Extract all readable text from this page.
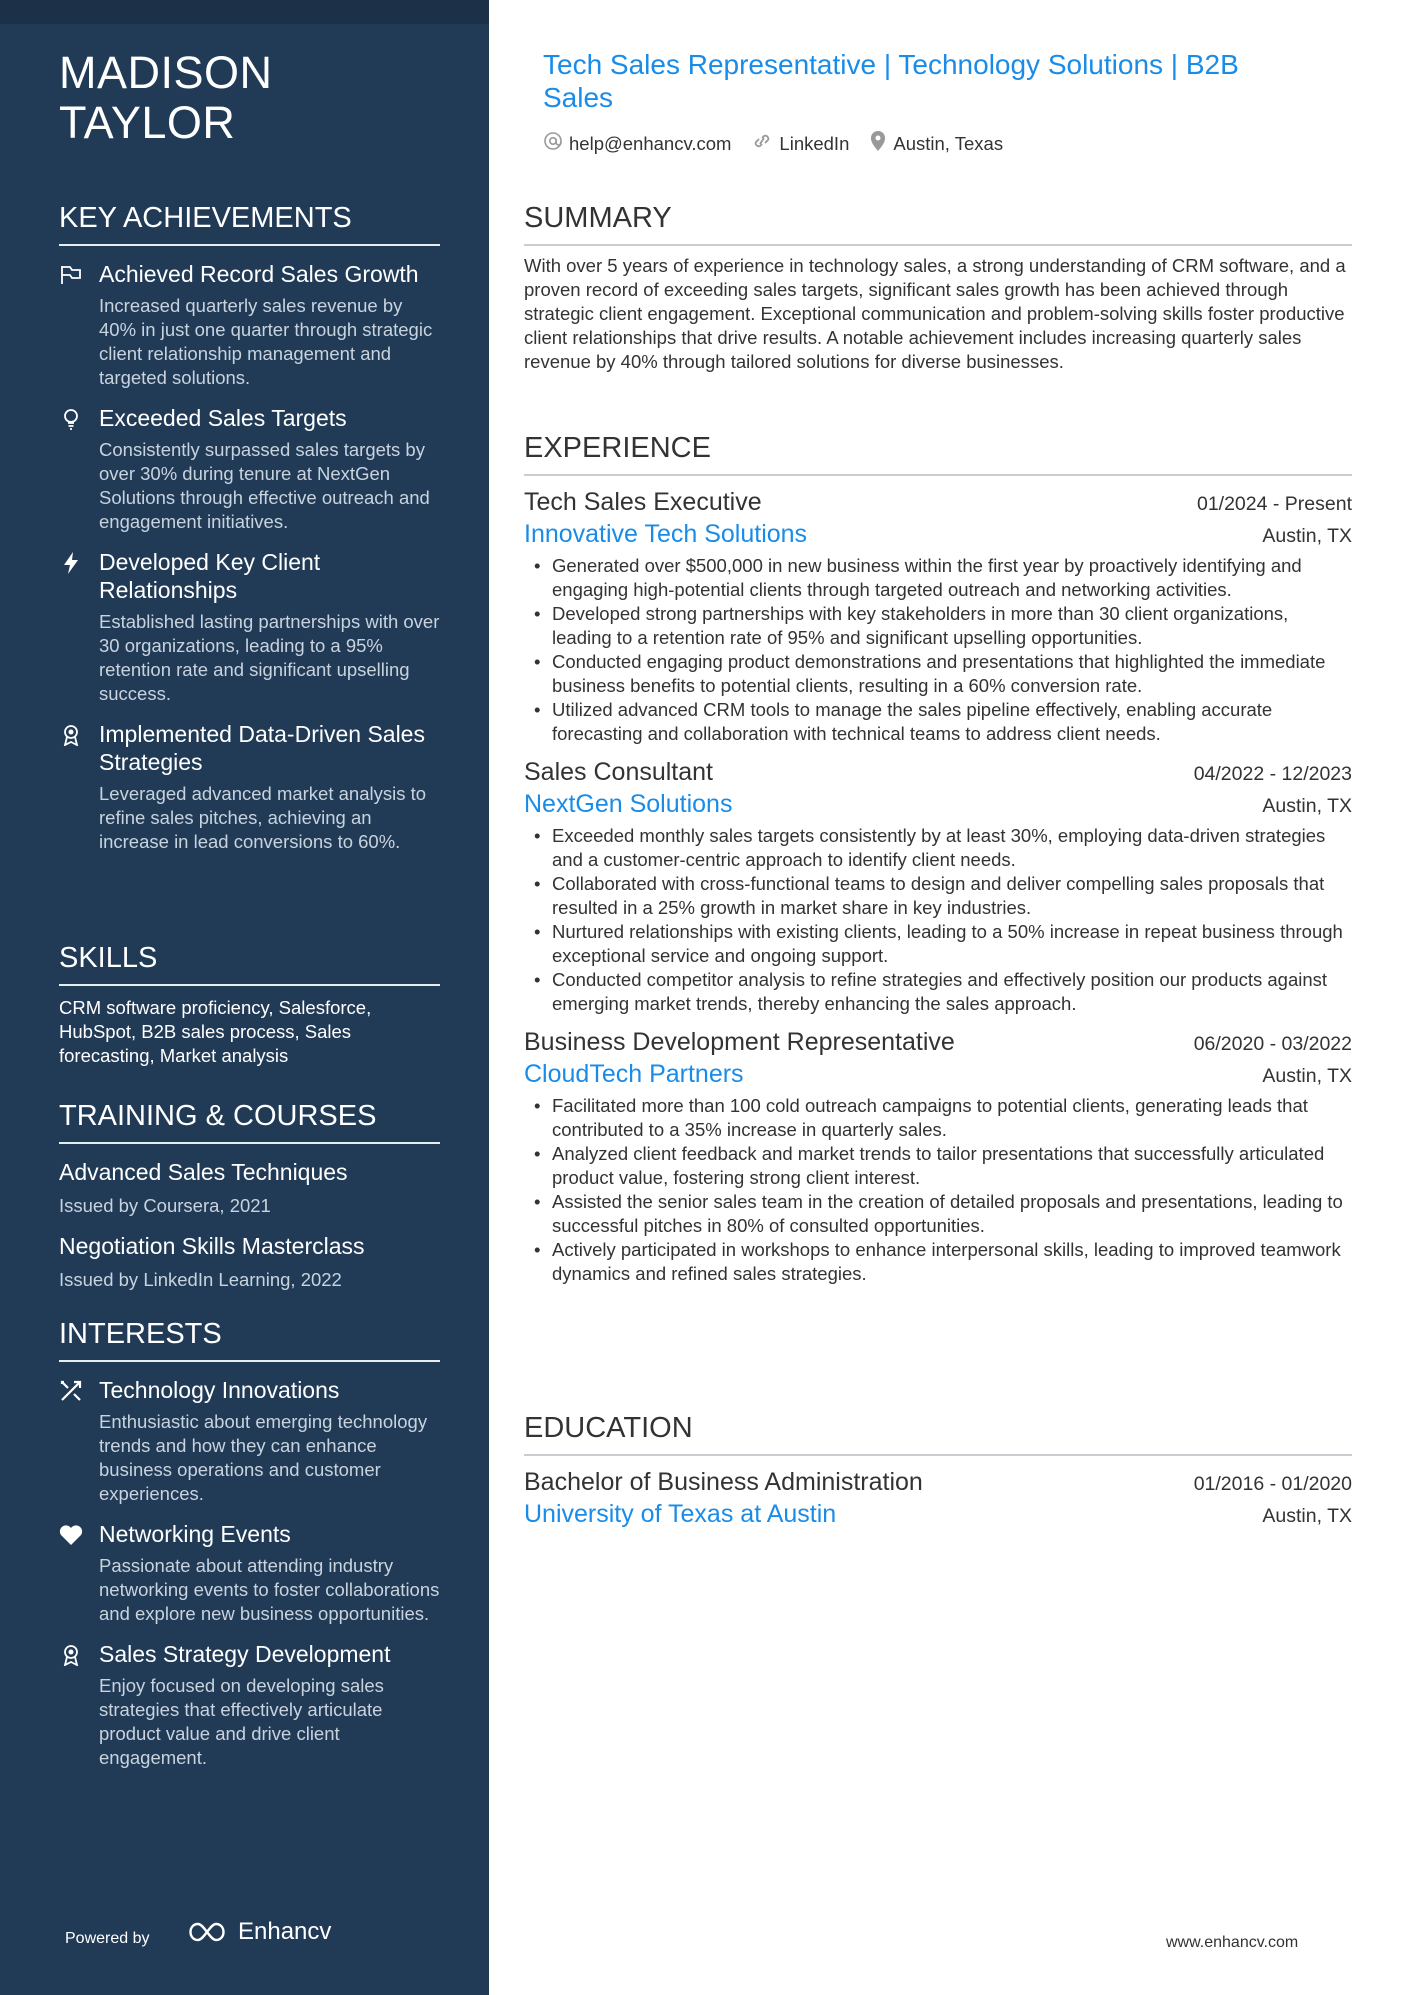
MADISON TAYLOR
KEY ACHIEVEMENTS
Achieved Record Sales Growth
Increased quarterly sales revenue by 40% in just one quarter through strategic client relationship management and targeted solutions.
Exceeded Sales Targets
Consistently surpassed sales targets by over 30% during tenure at NextGen Solutions through effective outreach and engagement initiatives.
Developed Key Client Relationships
Established lasting partnerships with over 30 organizations, leading to a 95% retention rate and significant upselling success.
Implemented Data-Driven Sales Strategies
Leveraged advanced market analysis to refine sales pitches, achieving an increase in lead conversions to 60%.
SKILLS
CRM software proficiency, Salesforce, HubSpot, B2B sales process, Sales forecasting, Market analysis
TRAINING & COURSES
Advanced Sales Techniques
Issued by Coursera, 2021
Negotiation Skills Masterclass
Issued by LinkedIn Learning, 2022
INTERESTS
Technology Innovations
Enthusiastic about emerging technology trends and how they can enhance business operations and customer experiences.
Networking Events
Passionate about attending industry networking events to foster collaborations and explore new business opportunities.
Sales Strategy Development
Enjoy focused on developing sales strategies that effectively articulate product value and drive client engagement.
Powered by	Enhancv
Tech Sales Representative | Technology Solutions | B2B Sales
help@enhancv.com	LinkedIn Austin, Texas
SUMMARY
With over 5 years of experience in technology sales, a strong understanding of CRM software, and a proven record of exceeding sales targets, significant sales growth has been achieved through strategic client engagement. Exceptional communication and problem-solving skills foster productive client relationships that drive results. A notable achievement includes increasing quarterly sales revenue by 40% through tailored solutions for diverse businesses.
EXPERIENCE
Tech Sales Executive	01/2024 - Present
Innovative Tech Solutions	Austin, TX
• Generated over $500,000 in new business within the first year by proactively identifying and engaging high-potential clients through targeted outreach and networking activities.
• Developed strong partnerships with key stakeholders in more than 30 client organizations, leading to a retention rate of 95% and significant upselling opportunities.
• Conducted engaging product demonstrations and presentations that highlighted the immediate business benefits to potential clients, resulting in a 60% conversion rate.
• Utilized advanced CRM tools to manage the sales pipeline effectively, enabling accurate forecasting and collaboration with technical teams to address client needs.
Sales Consultant	04/2022 - 12/2023
NextGen Solutions	Austin, TX
• Exceeded monthly sales targets consistently by at least 30%, employing data-driven strategies and a customer-centric approach to identify client needs.
• Collaborated with cross-functional teams to design and deliver compelling sales proposals that resulted in a 25% growth in market share in key industries.
• Nurtured relationships with existing clients, leading to a 50% increase in repeat business through exceptional service and ongoing support.
• Conducted competitor analysis to refine strategies and effectively position our products against emerging market trends, thereby enhancing the sales approach.
Business Development Representative	06/2020 - 03/2022
CloudTech Partners	Austin, TX
• Facilitated more than 100 cold outreach campaigns to potential clients, generating leads that contributed to a 35% increase in quarterly sales.
• Analyzed client feedback and market trends to tailor presentations that successfully articulated product value, fostering strong client interest.
• Assisted the senior sales team in the creation of detailed proposals and presentations, leading to successful pitches in 80% of consulted opportunities.
• Actively participated in workshops to enhance interpersonal skills, leading to improved teamwork dynamics and refined sales strategies.
EDUCATION
Bachelor of Business Administration	01/2016 - 01/2020
University of Texas at Austin	Austin, TX
www.enhancv.com
